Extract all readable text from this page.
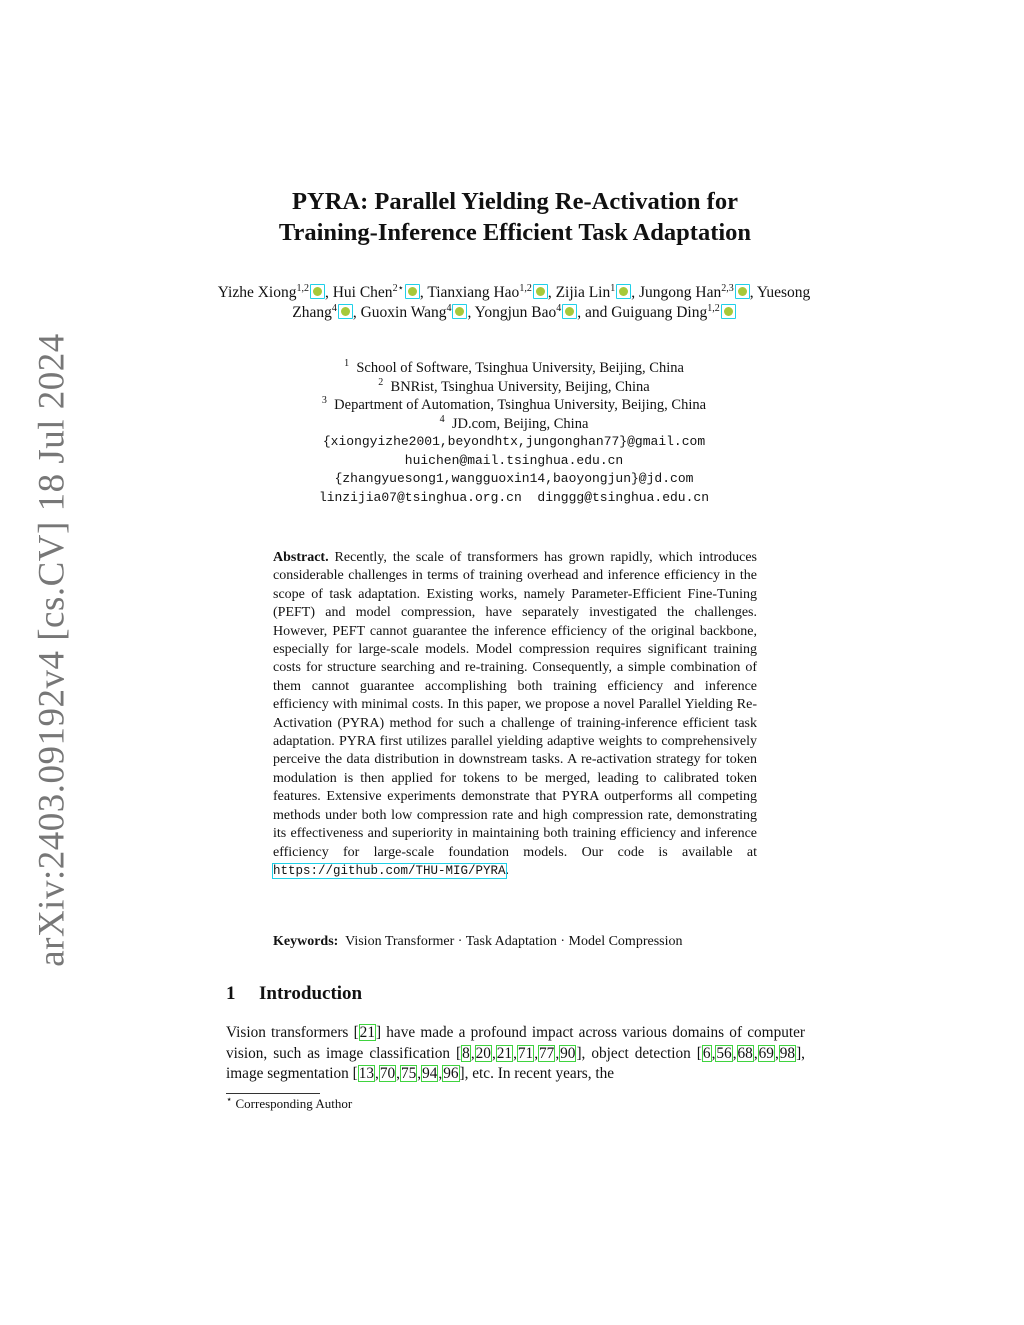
arXiv:2403.09192v4 [cs.CV] 18 Jul 2024
PYRA: Parallel Yielding Re-Activation for
Training-Inference Efficient Task Adaptation
Yizhe Xiong$^{1,2}$ , Hui Chen$^{2⋆}$ , Tianxiang Hao$^{1,2}$ , Zijia Lin$^1$ , Jungong Han$^{2,3}$ , Yuesong Zhang$^4$ , Guoxin Wang$^4$ , Yongjun Bao$^4$ , and Guiguang Ding$^{1,2}$
$^1$  School of Software, Tsinghua University, Beijing, China
$^2$  BNRist, Tsinghua University, Beijing, China
$^3$  Department of Automation, Tsinghua University, Beijing, China
$^4$  JD.com, Beijing, China
{xiongyizhe2001,beyondhtx,jungonghan77}@gmail.com
huichen@mail.tsinghua.edu.cn
{zhangyuesong1,wangguoxin14,baoyongjun}@jd.com
linzijia07@tsinghua.org.cn  dinggg@tsinghua.edu.cn
Abstract. Recently, the scale of transformers has grown rapidly, which introduces considerable challenges in terms of training overhead and inference efficiency in the scope of task adaptation. Existing works, namely Parameter-Efficient Fine-Tuning (PEFT) and model compression, have separately investigated the challenges. However, PEFT cannot guarantee the inference efficiency of the original backbone, especially for large-scale models. Model compression requires significant training costs for structure searching and re-training. Consequently, a simple combination of them cannot guarantee accomplishing both training efficiency and inference efficiency with minimal costs. In this paper, we propose a novel Parallel Yielding Re-Activation (PYRA) method for such a challenge of training-inference efficient task adaptation. PYRA first utilizes parallel yielding adaptive weights to comprehensively perceive the data distribution in downstream tasks. A re-activation strategy for token modulation is then applied for tokens to be merged, leading to calibrated token features. Extensive experiments demonstrate that PYRA outperforms all competing methods under both low compression rate and high compression rate, demonstrating its effectiveness and superiority in maintaining both training efficiency and inference efficiency for large-scale foundation models. Our code is available at https://github.com/THU-MIG/PYRA.
Keywords: Vision Transformer · Task Adaptation · Model Compression
1 Introduction
Vision transformers [21] have made a profound impact across various domains of computer vision, such as image classification [8,20,21,71,77,90], object detection [6,56,68,69,98], image segmentation [13,70,75,94,96], etc. In recent years, the
⋆ Corresponding Author
